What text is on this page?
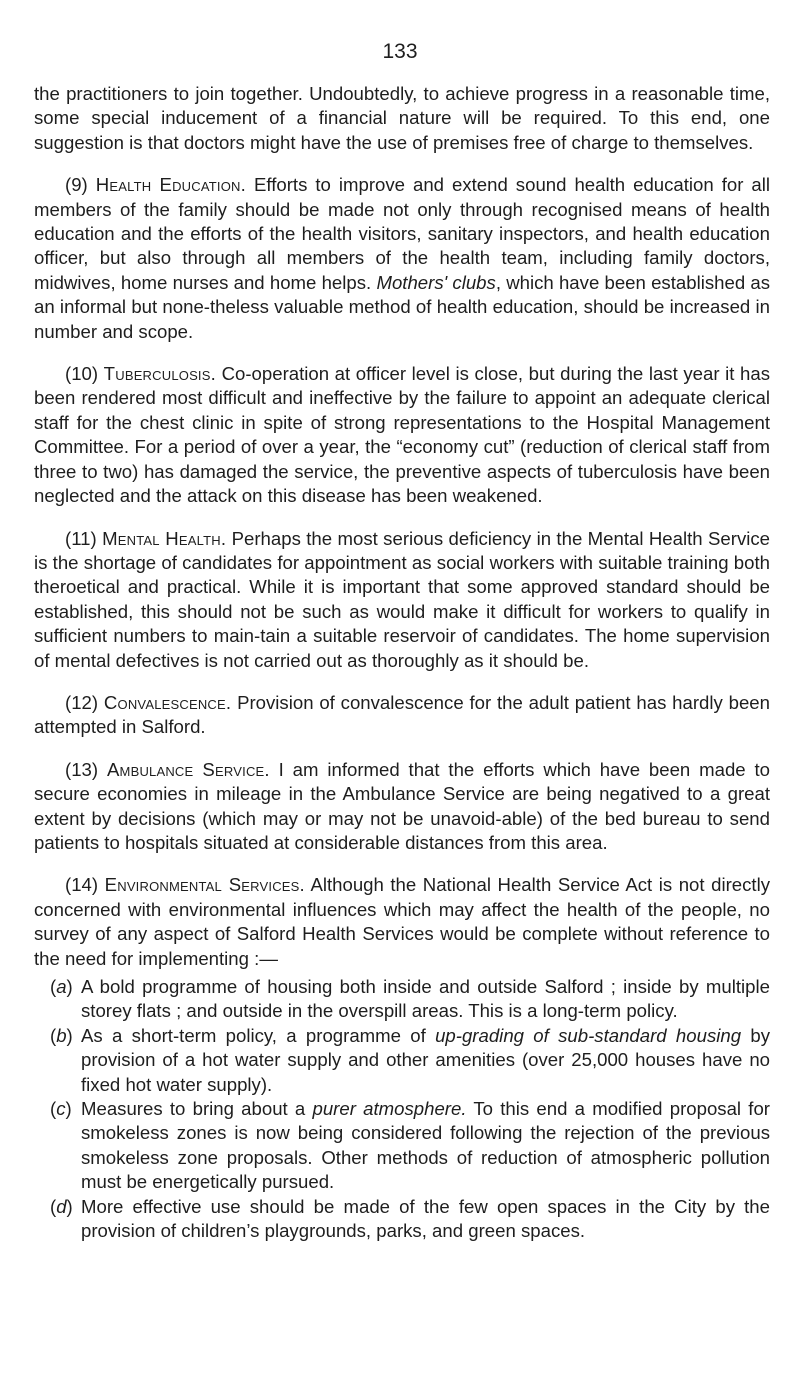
133

the practitioners to join together. Undoubtedly, to achieve progress in a reasonable time, some special inducement of a financial nature will be required. To this end, one suggestion is that doctors might have the use of premises free of charge to themselves.

(9) Health Education. Efforts to improve and extend sound health education for all members of the family should be made not only through recognised means of health education and the efforts of the health visitors, sanitary inspectors, and health education officer, but also through all members of the health team, including family doctors, midwives, home nurses and home helps. Mothers' clubs, which have been established as an informal but none-theless valuable method of health education, should be increased in number and scope.

(10) Tuberculosis. Co-operation at officer level is close, but during the last year it has been rendered most difficult and ineffective by the failure to appoint an adequate clerical staff for the chest clinic in spite of strong representations to the Hospital Management Committee. For a period of over a year, the “economy cut” (reduction of clerical staff from three to two) has damaged the service, the preventive aspects of tuberculosis have been neglected and the attack on this disease has been weakened.

(11) Mental Health. Perhaps the most serious deficiency in the Mental Health Service is the shortage of candidates for appointment as social workers with suitable training both theroetical and practical. While it is important that some approved standard should be established, this should not be such as would make it difficult for workers to qualify in sufficient numbers to main-tain a suitable reservoir of candidates. The home supervision of mental defectives is not carried out as thoroughly as it should be.

(12) Convalescence. Provision of convalescence for the adult patient has hardly been attempted in Salford.

(13) Ambulance Service. I am informed that the efforts which have been made to secure economies in mileage in the Ambulance Service are being negatived to a great extent by decisions (which may or may not be unavoid-able) of the bed bureau to send patients to hospitals situated at considerable distances from this area.

(14) Environmental Services. Although the National Health Service Act is not directly concerned with environmental influences which may affect the health of the people, no survey of any aspect of Salford Health Services would be complete without reference to the need for implementing :—

(a) A bold programme of housing both inside and outside Salford ; inside by multiple storey flats ; and outside in the overspill areas. This is a long-term policy.
(b) As a short-term policy, a programme of up-grading of sub-standard housing by provision of a hot water supply and other amenities (over 25,000 houses have no fixed hot water supply).
(c) Measures to bring about a purer atmosphere. To this end a modified proposal for smokeless zones is now being considered following the rejection of the previous smokeless zone proposals. Other methods of reduction of atmospheric pollution must be energetically pursued.
(d) More effective use should be made of the few open spaces in the City by the provision of children’s playgrounds, parks, and green spaces.
